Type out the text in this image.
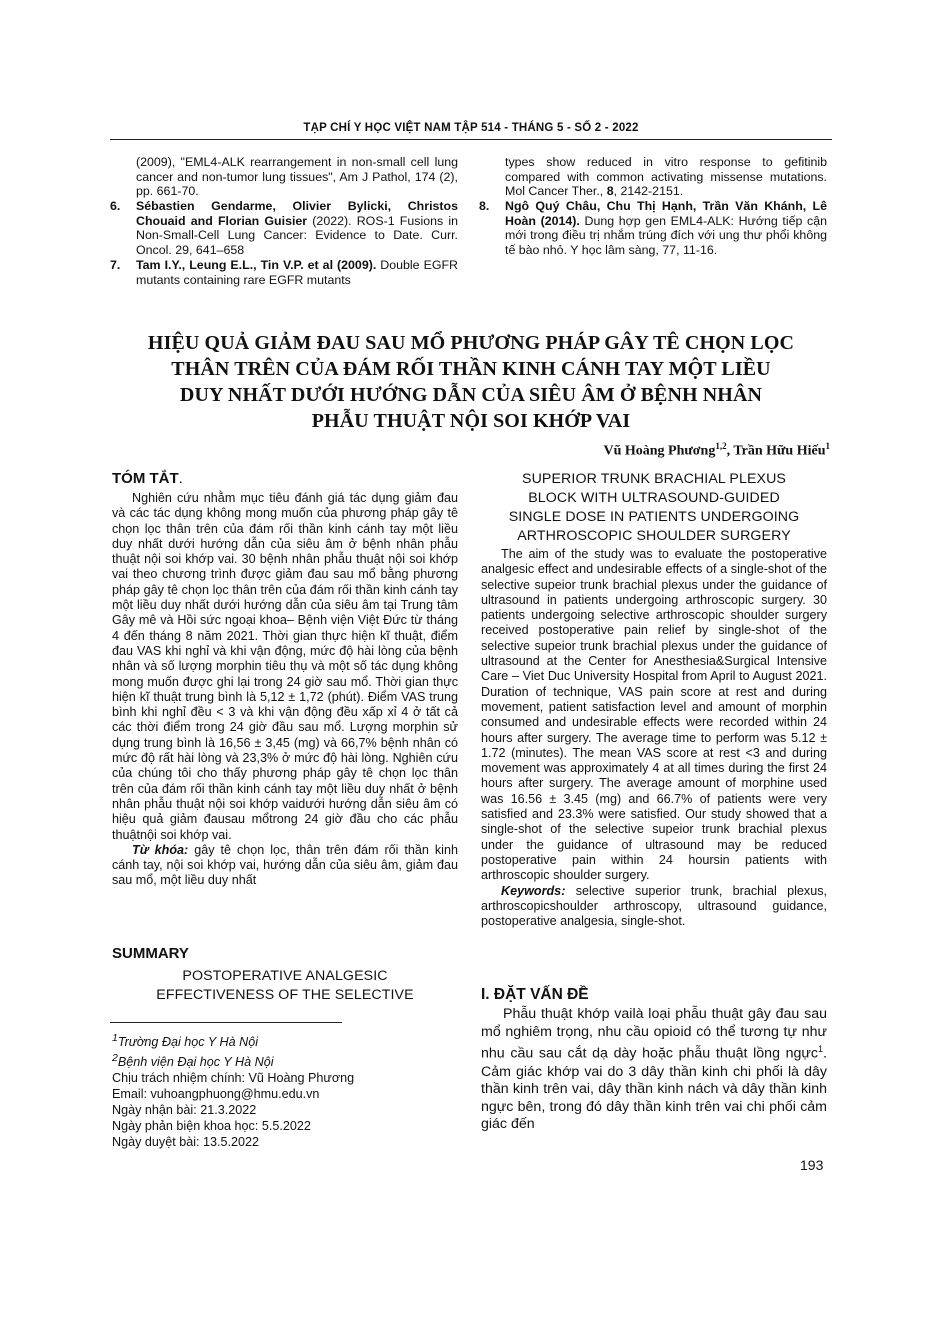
TẠP CHÍ Y HỌC VIỆT NAM TẬP 514 - THÁNG 5 - SỐ 2 - 2022
(2009), "EML4-ALK rearrangement in non-small cell lung cancer and non-tumor lung tissues", Am J Pathol, 174 (2), pp. 661-70.
6. Sébastien Gendarme, Olivier Bylicki, Christos Chouaid and Florian Guisier (2022). ROS-1 Fusions in Non-Small-Cell Lung Cancer: Evidence to Date. Curr. Oncol. 29, 641–658
7. Tam I.Y., Leung E.L., Tin V.P. et al (2009). Double EGFR mutants containing rare EGFR mutants
types show reduced in vitro response to gefitinib compared with common activating missense mutations. Mol Cancer Ther., 8, 2142-2151.
8. Ngô Quý Châu, Chu Thị Hạnh, Trần Văn Khánh, Lê Hoàn (2014). Dung hợp gen EML4-ALK: Hướng tiếp cận mới trong điều trị nhắm trúng đích với ung thư phổi không tế bào nhỏ. Y học lâm sàng, 77, 11-16.
HIỆU QUẢ GIẢM ĐAU SAU MỔ PHƯƠNG PHÁP GÂY TÊ CHỌN LỌC
THÂN TRÊN CỦA ĐÁM RỐI THẦN KINH CÁNH TAY MỘT LIỀU
DUY NHẤT DƯỚI HƯỚNG DẪN CỦA SIÊU ÂM Ở BỆNH NHÂN
PHẪU THUẬT NỘI SOI KHỚP VAI
Vũ Hoàng Phương$^{1,2}$, Trần Hữu Hiếu$^1$
TÓM TẮT.
Nghiên cứu nhằm mục tiêu đánh giá tác dụng giảm đau và các tác dụng không mong muốn của phương pháp gây tê chọn lọc thân trên của đám rối thần kinh cánh tay một liều duy nhất dưới hướng dẫn của siêu âm ở bệnh nhân phẫu thuật nội soi khớp vai. 30 bệnh nhân phẫu thuật nội soi khớp vai theo chương trình được giảm đau sau mổ bằng phương pháp gây tê chọn lọc thân trên của đám rối thần kinh cánh tay một liều duy nhất dưới hướng dẫn của siêu âm tại Trung tâm Gây mê và Hồi sức ngoại khoa– Bệnh viện Việt Đức từ tháng 4 đến tháng 8 năm 2021. Thời gian thực hiện kĩ thuật, điểm đau VAS khi nghỉ và khi vận động, mức độ hài lòng của bệnh nhân và số lượng morphin tiêu thụ và một số tác dụng không mong muốn được ghi lại trong 24 giờ sau mổ. Thời gian thực hiện kĩ thuật trung bình là 5,12 ± 1,72 (phút). Điểm VAS trung bình khi nghỉ đều < 3 và khi vận động đều xấp xỉ 4 ở tất cả các thời điểm trong 24 giờ đầu sau mổ. Lượng morphin sử dụng trung bình là 16,56 ± 3,45 (mg) và 66,7% bệnh nhân có mức độ rất hài lòng và 23,3% ở mức độ hài lòng. Nghiên cứu của chúng tôi cho thấy phương pháp gây tê chọn lọc thân trên của đám rối thần kinh cánh tay một liều duy nhất ở bệnh nhân phẫu thuật nội soi khớp vaidưới hướng dẫn siêu âm có hiệu quả giảm đausau mổtrong 24 giờ đầu cho các phẫu thuậtnội soi khớp vai.
Từ khóa: gây tê chọn lọc, thân trên đám rối thần kinh cánh tay, nội soi khớp vai, hướng dẫn của siêu âm, giảm đau sau mổ, một liều duy nhất
SUMMARY
POSTOPERATIVE ANALGESIC
EFFECTIVENESS OF THE SELECTIVE
$^1$Trường Đại học Y Hà Nội
$^2$Bệnh viện Đại học Y Hà Nội
Chịu trách nhiệm chính: Vũ Hoàng Phương
Email: vuhoangphuong@hmu.edu.vn
Ngày nhận bài: 21.3.2022
Ngày phản biện khoa học: 5.5.2022
Ngày duyệt bài: 13.5.2022
SUPERIOR TRUNK BRACHIAL PLEXUS
BLOCK WITH ULTRASOUND-GUIDED
SINGLE DOSE IN PATIENTS UNDERGOING
ARTHROSCOPIC SHOULDER SURGERY
The aim of the study was to evaluate the postoperative analgesic effect and undesirable effects of a single-shot of the selective supeior trunk brachial plexus under the guidance of ultrasound in patients undergoing arthroscopic surgery. 30 patients undergoing selective arthroscopic shoulder surgery received postoperative pain relief by single-shot of the selective supeior trunk brachial plexus under the guidance of ultrasound at the Center for Anesthesia&Surgical Intensive Care – Viet Duc University Hospital from April to August 2021. Duration of technique, VAS pain score at rest and during movement, patient satisfaction level and amount of morphin consumed and undesirable effects were recorded within 24 hours after surgery. The average time to perform was 5.12 ± 1.72 (minutes). The mean VAS score at rest <3 and during movement was approximately 4 at all times during the first 24 hours after surgery. The average amount of morphine used was 16.56 ± 3.45 (mg) and 66.7% of patients were very satisfied and 23.3% were satisfied. Our study showed that a single-shot of the selective supeior trunk brachial plexus under the guidance of ultrasound may be reduced postoperative pain within 24 hoursin patients with arthroscopic shoulder surgery.
Keywords: selective superior trunk, brachial plexus, arthroscopicshoulder arthroscopy, ultrasound guidance, postoperative analgesia, single-shot.
I. ĐẶT VẤN ĐỀ
Phẫu thuật khớp vailà loại phẫu thuật gây đau sau mổ nghiêm trọng, nhu cầu opioid có thể tương tự như nhu cầu sau cắt dạ dày hoặc phẫu thuật lồng ngực$^1$. Cảm giác khớp vai do 3 dây thần kinh chi phối là dây thần kinh trên vai, dây thần kinh nách và dây thần kinh ngực bên, trong đó dây thần kinh trên vai chi phối cảm giác đến
193
